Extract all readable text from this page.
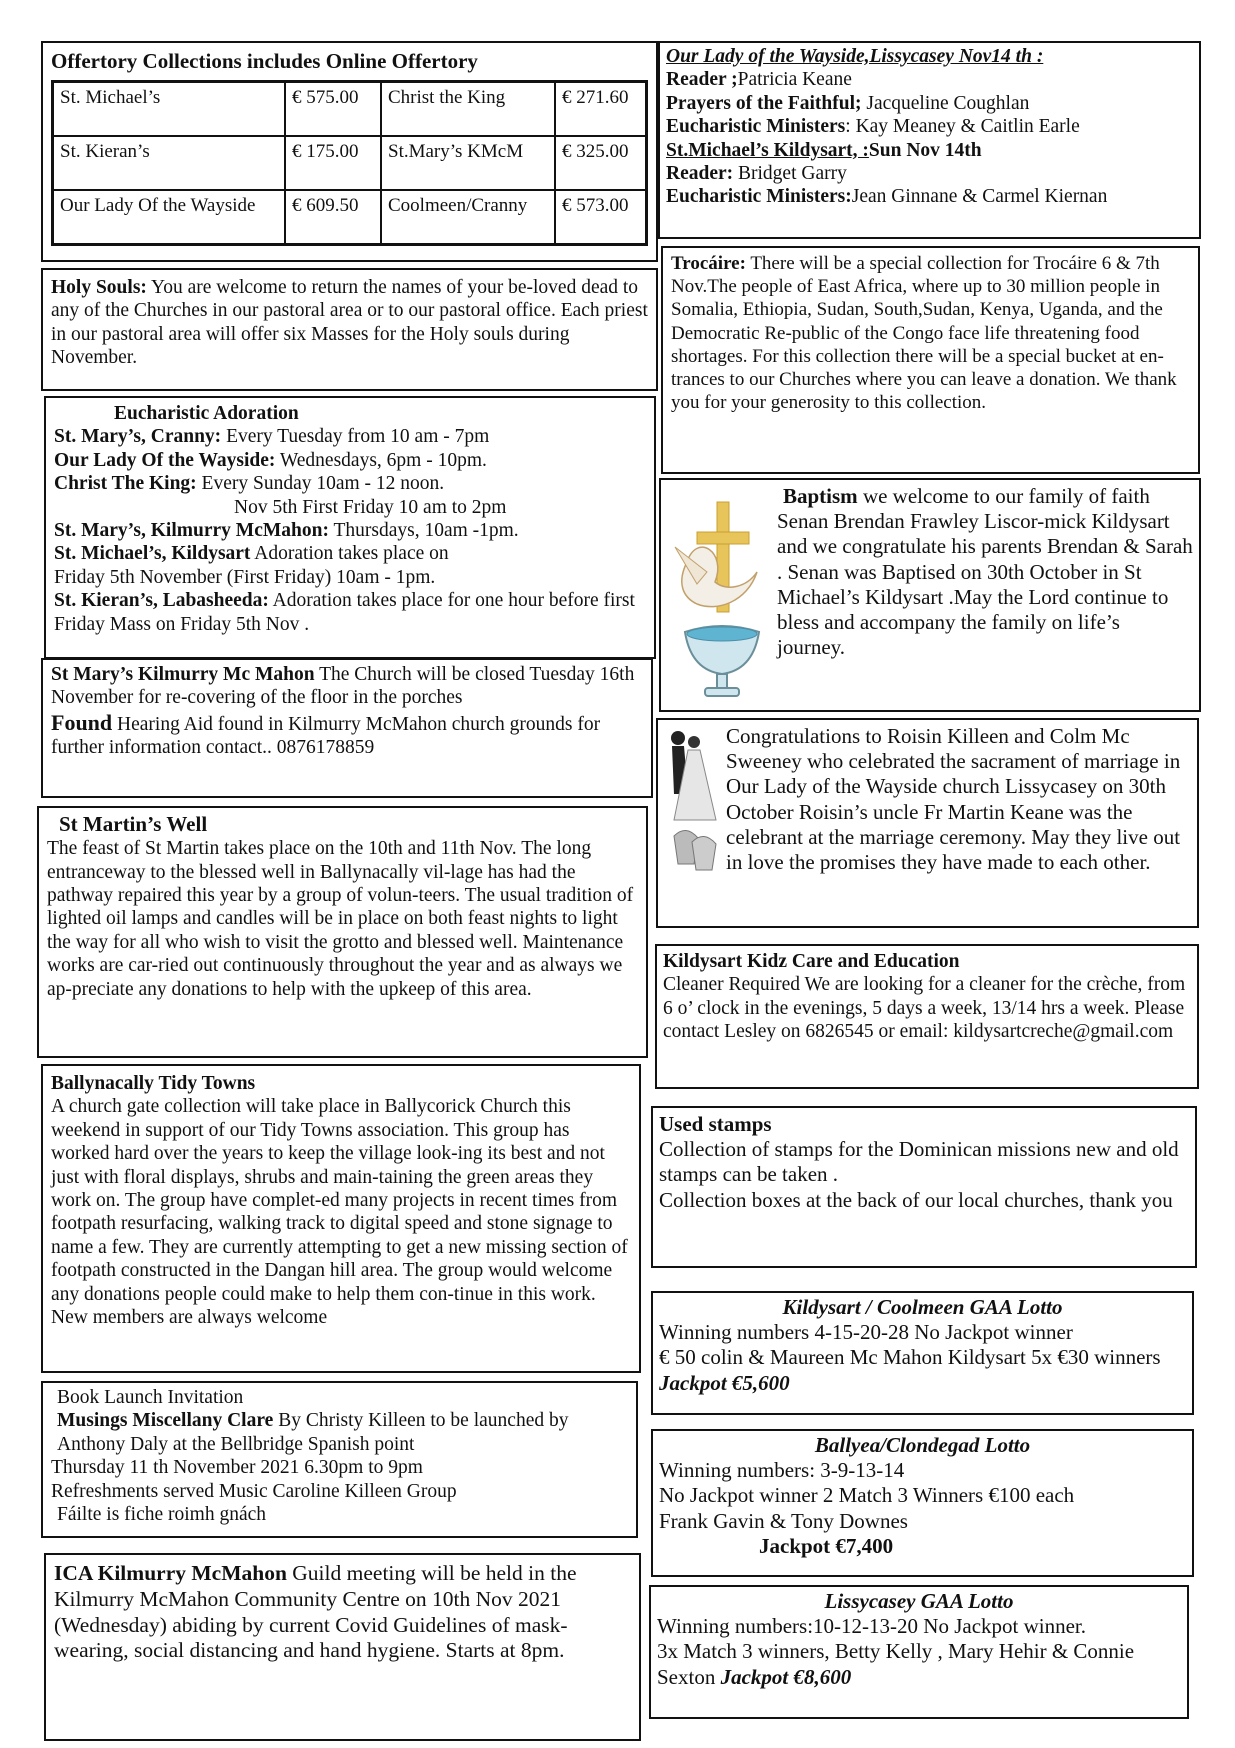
Offertory Collections includes Online Offertory
St. Michael’s	€ 575.00	Christ the King	€ 271.60
St. Kieran’s	€ 175.00	St.Mary’s KMcM	€ 325.00
Our Lady Of the Wayside	€ 609.50	Coolmeen/Cranny	€ 573.00
Holy Souls: You are welcome to return the names of your be-loved dead to any of the Churches in our pastoral area or to our pastoral office. Each priest in our pastoral area will offer six Masses for the Holy souls during November.
Eucharistic Adoration
St. Mary’s, Cranny: Every Tuesday from 10 am - 7pm
Our Lady Of the Wayside: Wednesdays, 6pm - 10pm.
Christ The King: Every Sunday 10am - 12 noon.
Nov 5th First Friday 10 am to 2pm
St. Mary’s, Kilmurry McMahon: Thursdays, 10am -1pm.
St. Michael’s, Kildysart Adoration takes place on
Friday 5th November (First Friday) 10am - 1pm.
St. Kieran’s, Labasheeda: Adoration takes place for one hour before first Friday Mass on Friday 5th Nov .
St Mary’s Kilmurry Mc Mahon The Church will be closed Tuesday 16th November for re-covering of the floor in the porches
Found Hearing Aid found in Kilmurry McMahon church grounds for further information contact.. 0876178859
St Martin’s Well
The feast of St Martin takes place on the 10th and 11th Nov. The long entranceway to the blessed well in Ballynacally vil-lage has had the pathway repaired this year by a group of volun-teers. The usual tradition of lighted oil lamps and candles will be in place on both feast nights to light the way for all who wish to visit the grotto and blessed well. Maintenance works are car-ried out continuously throughout the year and as always we ap-preciate any donations to help with the upkeep of this area.
Ballynacally Tidy Towns
A church gate collection will take place in Ballycorick Church this weekend in support of our Tidy Towns association. This group has worked hard over the years to keep the village look-ing its best and not just with floral displays, shrubs and main-taining the green areas they work on. The group have complet-ed many projects in recent times from footpath resurfacing, walking track to digital speed and stone signage to name a few. They are currently attempting to get a new missing section of footpath constructed in the Dangan hill area. The group would welcome any donations people could make to help them con-tinue in this work. New members are always welcome
Book Launch Invitation
Musings Miscellany Clare By Christy Killeen to be launched by Anthony Daly at the Bellbridge Spanish point
Thursday 11 th November 2021 6.30pm to 9pm
Refreshments served Music Caroline Killeen Group
Fáilte is fiche roimh gnách
ICA Kilmurry McMahon Guild meeting will be held in the Kilmurry McMahon Community Centre on 10th Nov 2021 (Wednesday) abiding by current Covid Guidelines of mask-wearing, social distancing and hand hygiene. Starts at 8pm.
Our Lady of the Wayside,Lissycasey Nov14 th :
Reader ;Patricia Keane
Prayers of the Faithful; Jacqueline Coughlan
Eucharistic Ministers: Kay Meaney & Caitlin Earle
St.Michael’s Kildysart, :Sun Nov 14th
Reader: Bridget Garry
Eucharistic Ministers:Jean Ginnane & Carmel Kiernan
Trocáire: There will be a special collection for Trocáire 6 & 7th Nov.The people of East Africa, where up to 30 million people in Somalia, Ethiopia, Sudan, South,Sudan, Kenya, Uganda, and the Democratic Re-public of the Congo face life threatening food shortages. For this collection there will be a special bucket at en-trances to our Churches where you can leave a donation. We thank you for your generosity to this collection.
Baptism we welcome to our family of faith Senan Brendan Frawley Liscor-mick Kildysart and we congratulate his parents Brendan & Sarah . Senan was Baptised on 30th October in St Michael’s Kildysart .May the Lord continue to bless and accompany the family on life’s journey.
Congratulations to Roisin Killeen and Colm Mc Sweeney who celebrated the sacrament of marriage in Our Lady of the Wayside church Lissycasey on 30th October Roisin’s uncle Fr Martin Keane was the celebrant at the marriage ceremony. May they live out in love the promises they have made to each other.
Kildysart Kidz Care and Education
Cleaner Required We are looking for a cleaner for the crèche, from 6 o’ clock in the evenings, 5 days a week, 13/14 hrs a week. Please contact Lesley on 6826545 or email: kildysartcreche@gmail.com
Used stamps
Collection of stamps for the Dominican missions new and old stamps can be taken .
Collection boxes at the back of our local churches, thank you
Kildysart / Coolmeen GAA Lotto
Winning numbers 4-15-20-28 No Jackpot winner
€ 50 colin & Maureen Mc Mahon Kildysart 5x €30 winners Jackpot €5,600
Ballyea/Clondegad Lotto
Winning numbers: 3-9-13-14
No Jackpot winner 2 Match 3 Winners €100 each
Frank Gavin & Tony Downes
Jackpot €7,400
Lissycasey GAA Lotto
Winning numbers:10-12-13-20 No Jackpot winner.
3x Match 3 winners, Betty Kelly , Mary Hehir & Connie Sexton Jackpot €8,600
